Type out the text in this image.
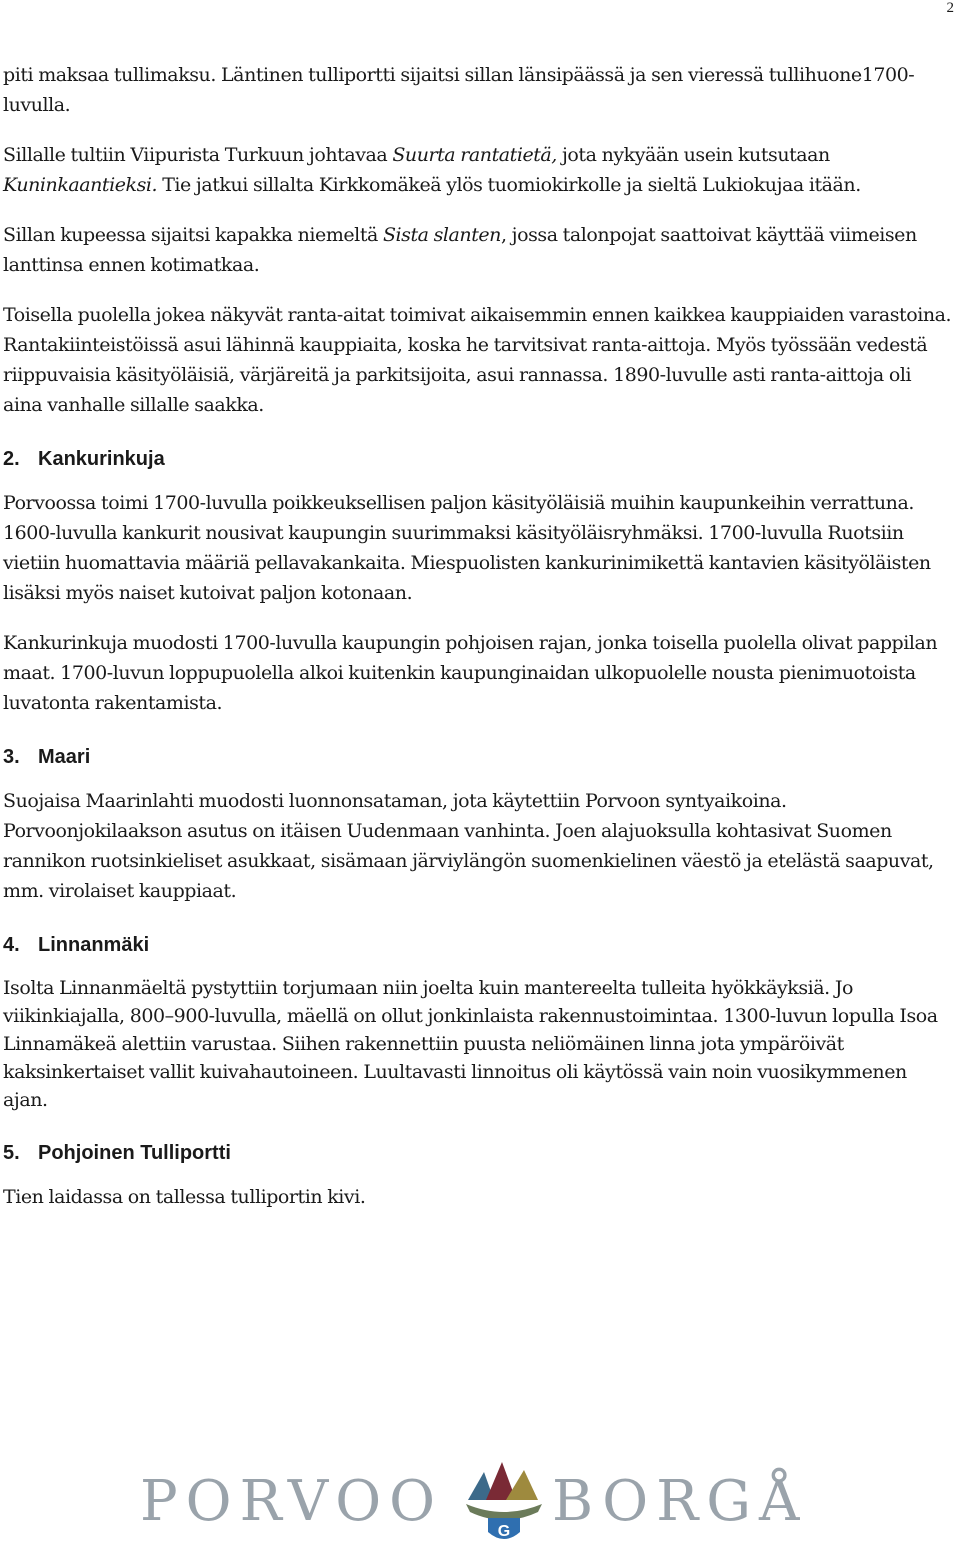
2

piti maksaa tullimaksu. Läntinen tulliportti sijaitsi sillan länsipäässä ja sen vieressä tullihuone1700-luvulla.

Sillalle tultiin Viipurista Turkuun johtavaa Suurta rantatietä, jota nykyään usein kutsutaan Kuninkaantieksi. Tie jatkui sillalta Kirkkomäkeä ylös tuomiokirkolle ja sieltä Lukiokujaa itään.

Sillan kupeessa sijaitsi kapakka niemeltä Sista slanten, jossa talonpojat saattoivat käyttää viimeisen lanttinsa ennen kotimatkaa.

Toisella puolella jokea näkyvät ranta-aitat toimivat aikaisemmin ennen kaikkea kauppiaiden varastoina. Rantakiinteistöissä asui lähinnä kauppiaita, koska he tarvitsivat ranta-aittoja. Myös työssään vedestä riippuvaisia käsityöläisiä, värjäreitä ja parkitsijoita, asui rannassa. 1890-luvulle asti ranta-aittoja oli aina vanhalle sillalle saakka.

2. Kankurinkuja

Porvoossa toimi 1700-luvulla poikkeuksellisen paljon käsityöläisiä muihin kaupunkeihin verrattuna. 1600-luvulla kankurit nousivat kaupungin suurimmaksi käsityöläisryhmäksi. 1700-luvulla Ruotsiin vietiin huomattavia määriä pellavakankaita. Miespuolisten kankurinimikettä kantavien käsityöläisten lisäksi myös naiset kutoivat paljon kotonaan.

Kankurinkuja muodosti 1700-luvulla kaupungin pohjoisen rajan, jonka toisella puolella olivat pappilan maat. 1700-luvun loppupuolella alkoi kuitenkin kaupunginaidan ulkopuolelle nousta pienimuotoista luvatonta rakentamista.

3. Maari

Suojaisa Maarinlahti muodosti luonnonsataman, jota käytettiin Porvoon syntyaikoina. Porvoonjokilaakson asutus on itäisen Uudenmaan vanhinta. Joen alajuoksulla kohtasivat Suomen rannikon ruotsinkieliset asukkaat, sisämaan järviylängön suomenkielinen väestö ja etelästä saapuvat, mm. virolaiset kauppiaat.

4. Linnanmäki

Isolta Linnanmäeltä pystyttiin torjumaan niin joelta kuin mantereelta tulleita hyökkäyksiä. Jo viikinkiajalla, 800–900-luvulla, mäellä on ollut jonkinlaista rakennustoimintaa. 1300-luvun lopulla Isoa Linnamäkeä alettiin varustaa. Siihen rakennettiin puusta neliömäinen linna jota ympäröivät kaksinkertaiset vallit kuivahautoineen. Luultavasti linnoitus oli käytössä vain noin vuosikymmenen ajan.

5. Pohjoinen Tulliportti

Tien laidassa on tallessa tulliportin kivi.

PORVOO	G BORGÅ
